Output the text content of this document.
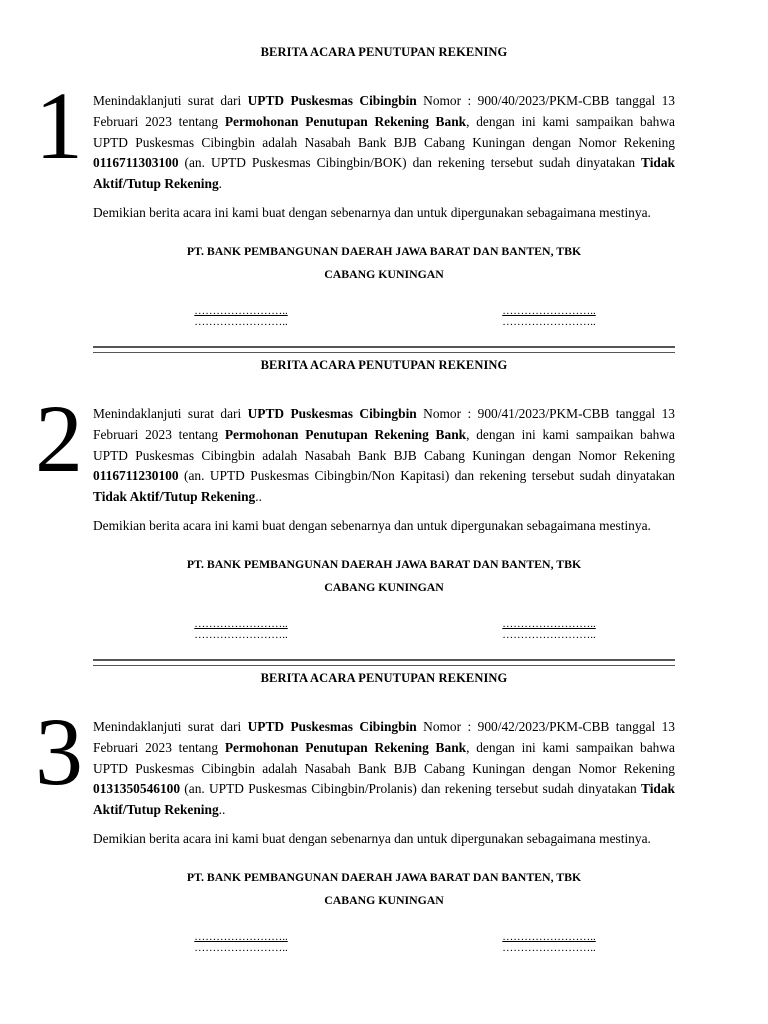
BERITA ACARA PENUTUPAN REKENING
1 Menindaklanjuti surat dari UPTD Puskesmas Cibingbin Nomor : 900/40/2023/PKM-CBB tanggal 13 Februari 2023 tentang Permohonan Penutupan Rekening Bank, dengan ini kami sampaikan bahwa UPTD Puskesmas Cibingbin adalah Nasabah Bank BJB Cabang Kuningan dengan Nomor Rekening 0116711303100 (an. UPTD Puskesmas Cibingbin/BOK) dan rekening tersebut sudah dinyatakan Tidak Aktif/Tutup Rekening.
Demikian berita acara ini kami buat dengan sebenarnya dan untuk dipergunakan sebagaimana mestinya.
PT. BANK PEMBANGUNAN DAERAH JAWA BARAT DAN BANTEN, TBK
CABANG KUNINGAN
……………………..
……………………..
……………………..
……………………..
BERITA ACARA PENUTUPAN REKENING
2 Menindaklanjuti surat dari UPTD Puskesmas Cibingbin Nomor : 900/41/2023/PKM-CBB tanggal 13 Februari 2023 tentang Permohonan Penutupan Rekening Bank, dengan ini kami sampaikan bahwa UPTD Puskesmas Cibingbin adalah Nasabah Bank BJB Cabang Kuningan dengan Nomor Rekening 0116711230100 (an. UPTD Puskesmas Cibingbin/Non Kapitasi) dan rekening tersebut sudah dinyatakan Tidak Aktif/Tutup Rekening..
Demikian berita acara ini kami buat dengan sebenarnya dan untuk dipergunakan sebagaimana mestinya.
PT. BANK PEMBANGUNAN DAERAH JAWA BARAT DAN BANTEN, TBK
CABANG KUNINGAN
……………………..
……………………..
……………………..
……………………..
BERITA ACARA PENUTUPAN REKENING
3 Menindaklanjuti surat dari UPTD Puskesmas Cibingbin Nomor : 900/42/2023/PKM-CBB tanggal 13 Februari 2023 tentang Permohonan Penutupan Rekening Bank, dengan ini kami sampaikan bahwa UPTD Puskesmas Cibingbin adalah Nasabah Bank BJB Cabang Kuningan dengan Nomor Rekening 0131350546100 (an. UPTD Puskesmas Cibingbin/Prolanis) dan rekening tersebut sudah dinyatakan Tidak Aktif/Tutup Rekening..
Demikian berita acara ini kami buat dengan sebenarnya dan untuk dipergunakan sebagaimana mestinya.
PT. BANK PEMBANGUNAN DAERAH JAWA BARAT DAN BANTEN, TBK
CABANG KUNINGAN
……………………..
……………………..
……………………..
……………………..
